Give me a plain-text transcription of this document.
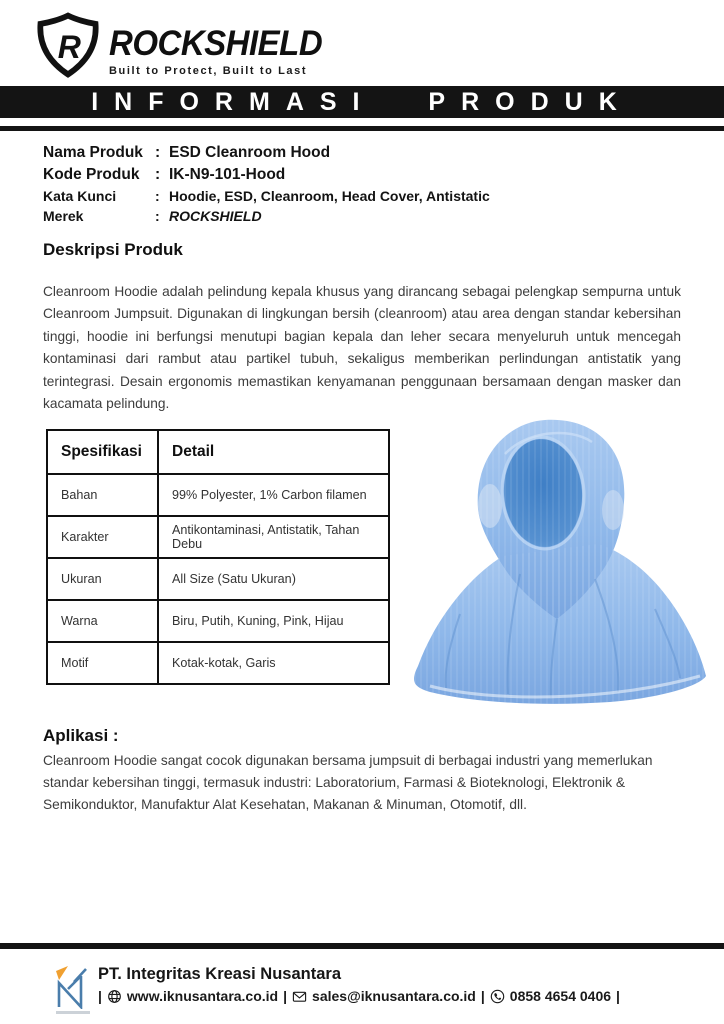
R ROCKSHIELD
Built to Protect, Built to Last
INFORMASI PRODUK
Nama Produk : ESD Cleanroom Hood
Kode Produk	: IK-N9-101-Hood
Kata Kunci	: Hoodie, ESD, Cleanroom, Head Cover, Antistatic
Merek	: ROCKSHIELD
Deskripsi Produk
Cleanroom Hoodie adalah pelindung kepala khusus yang dirancang sebagai pelengkap sempurna untuk Cleanroom Jumpsuit. Digunakan di lingkungan bersih (cleanroom) atau area dengan standar kebersihan tinggi, hoodie ini berfungsi menutupi bagian kepala dan leher secara menyeluruh untuk mencegah kontaminasi dari rambut atau partikel tubuh, sekaligus memberikan perlindungan antistatik yang terintegrasi. Desain ergonomis memastikan kenyamanan penggunaan bersamaan dengan masker dan kacamata pelindung.
Spesifikasi	Detail
Bahan	99% Polyester, 1% Carbon filamen
Karakter	Antikontaminasi, Antistatik, Tahan Debu
Ukuran	All Size (Satu Ukuran)
Warna	Biru, Putih, Kuning, Pink, Hijau
Motif	Kotak-kotak, Garis
Aplikasi :
Cleanroom Hoodie sangat cocok digunakan bersama jumpsuit di berbagai industri yang memerlukan standar kebersihan tinggi, termasuk industri: Laboratorium, Farmasi & Bioteknologi, Elektronik & Semikonduktor, Manufaktur Alat Kesehatan, Makanan & Minuman, Otomotif, dll.
PT. Integritas Kreasi Nusantara
| www.iknusantara.co.id | sales@iknusantara.co.id | 0858 4654 0406 |
